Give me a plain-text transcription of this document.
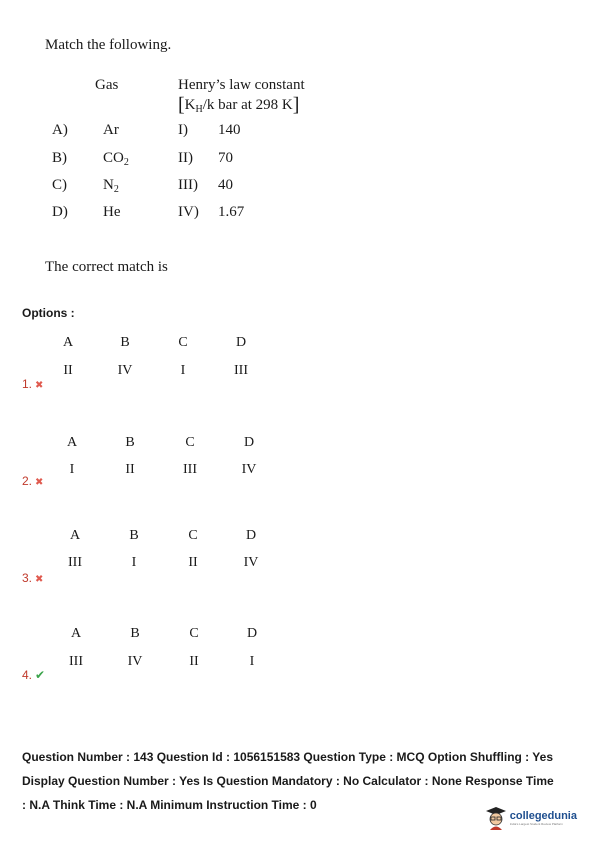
Match the following.
Gas	Henry’s law constant
[$K_H/k$ bar at 298 K]
A) Ar	I) 140
B) $CO_2$	II) 70
C) $N_2$	III) 40
D) He	IV) 1.67
The correct match is
Options :
A	B	C	D
II	IV	I	III
1. ✖
A	B	C	D
I	II	III	IV
2. ✖
A	B	C	D
III	I	II	IV
3. ✖
A	B	C	D
III	IV	II	I
4. ✔
Question Number : 143 Question Id : 1056151583 Question Type : MCQ Option Shuffling : Yes
Display Question Number : Yes Is Question Mandatory : No Calculator : None Response Time
: N.A Think Time : N.A Minimum Instruction Time : 0
collegedunia
India's Largest Student Review Platform
